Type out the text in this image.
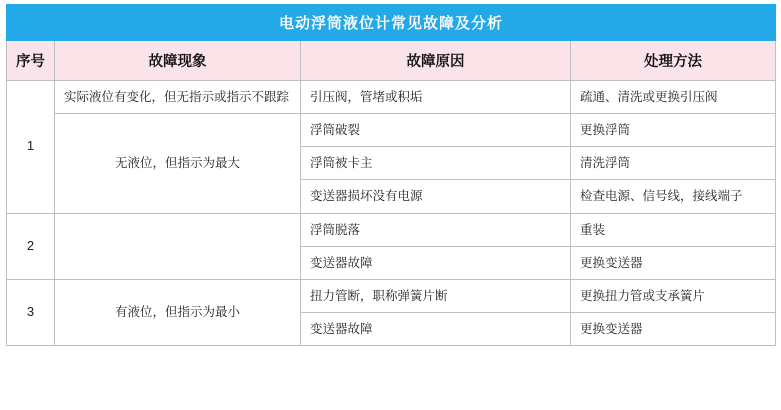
电动浮筒液位计常见故障及分析			
序号	故障现象	故障原因	处理方法
1	实际液位有变化，但无指示或指示不跟踪	引压阀，管堵或积垢	疏通、清洗或更换引压阀
	无液位，但指示为最大	浮筒破裂	更换浮筒
		浮筒被卡主	清洗浮筒
		变送器损坏没有电源	检查电源、信号线，接线端子
2		浮筒脱落	重装
		变送器故障	更换变送器
3	有液位，但指示为最小	扭力管断，职称弹簧片断	更换扭力管或支承簧片
		变送器故障	更换变送器
